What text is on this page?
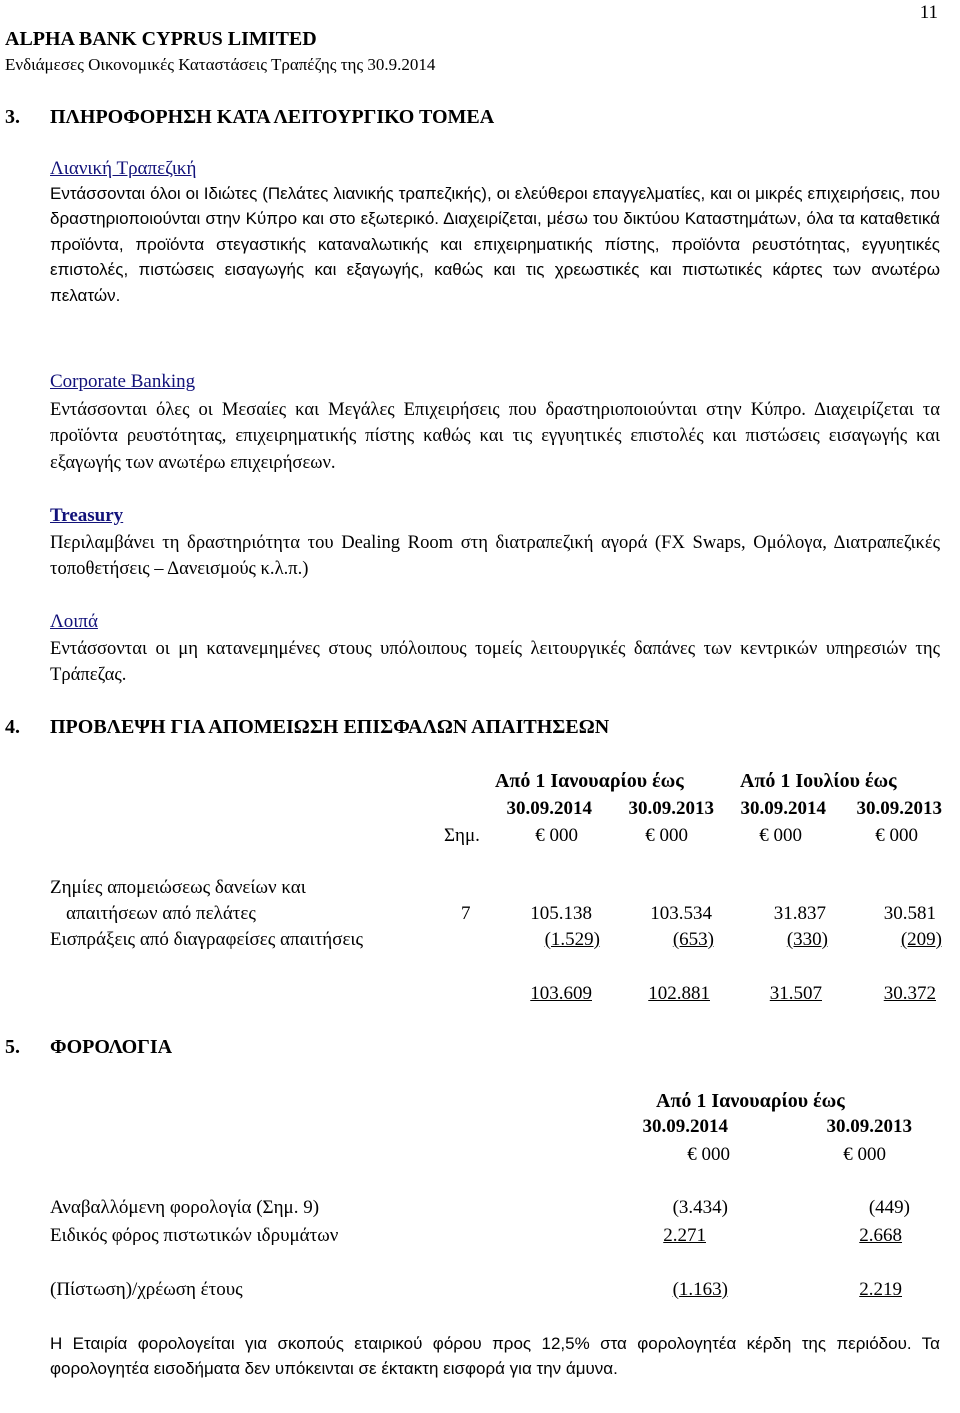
11
ALPHA BANK CYPRUS LIMITED
Ενδιάμεσες Οικονομικές Καταστάσεις Τραπέζης της 30.9.2014
3. ΠΛΗΡΟΦΟΡΗΣΗ ΚΑΤΑ ΛΕΙΤΟΥΡΓΙΚΟ ΤΟΜΕΑ
Λιανική Τραπεζική
Εντάσσονται όλοι οι Ιδιώτες (Πελάτες λιανικής τραπεζικής), οι ελεύθεροι επαγγελματίες, και οι μικρές επιχειρήσεις, που δραστηριοποιούνται στην Κύπρο και στο εξωτερικό. Διαχειρίζεται, μέσω του δικτύου Καταστημάτων, όλα τα καταθετικά προϊόντα, προϊόντα στεγαστικής καταναλωτικής και επιχειρηματικής πίστης, προϊόντα ρευστότητας, εγγυητικές επιστολές, πιστώσεις εισαγωγής και εξαγωγής, καθώς και τις χρεωστικές και πιστωτικές κάρτες των ανωτέρω πελατών.
Corporate Banking
Εντάσσονται όλες οι Μεσαίες και Μεγάλες Επιχειρήσεις που δραστηριοποιούνται στην Κύπρο. Διαχειρίζεται τα προϊόντα ρευστότητας, επιχειρηματικής πίστης καθώς και τις εγγυητικές επιστολές και πιστώσεις εισαγωγής και εξαγωγής των ανωτέρω επιχειρήσεων.
Treasury
Περιλαμβάνει τη δραστηριότητα του Dealing Room στη διατραπεζική αγορά (FX Swaps, Ομόλογα, Διατραπεζικές τοποθετήσεις – Δανεισμούς κ.λ.π.)
Λοιπά
Εντάσσονται οι μη κατανεμημένες στους υπόλοιπους τομείς λειτουργικές δαπάνες των κεντρικών υπηρεσιών της Τράπεζας.
4. ΠΡΟΒΛΕΨΗ ΓΙΑ ΑΠΟΜΕΙΩΣΗ ΕΠΙΣΦΑΛΩΝ ΑΠΑΙΤΗΣΕΩΝ
Από 1 Ιανουαρίου έως	Από 1 Ιουλίου έως
30.09.2014	30.09.2013	30.09.2014	30.09.2013
Σημ.	€ 000	€ 000	€ 000	€ 000
Ζημίες απομειώσεως δανείων και
απαιτήσεων από πελάτες	7	105.138	103.534	31.837	30.581
Εισπράξεις από διαγραφείσες απαιτήσεις	(1.529)	(653)	(330)	(209)
103.609	102.881	31.507	30.372
5. ΦΟΡΟΛΟΓΙΑ
Από 1 Ιανουαρίου έως
30.09.2014	30.09.2013
€ 000	€ 000
Αναβαλλόμενη φορολογία (Σημ. 9)	(3.434)	(449)
Ειδικός φόρος πιστωτικών ιδρυμάτων	2.271	2.668
(Πίστωση)/χρέωση έτους	(1.163)	2.219
Η Εταιρία φορολογείται για σκοπούς εταιρικού φόρου προς 12,5% στα φορολογητέα κέρδη της περιόδου. Τα φορολογητέα εισοδήματα δεν υπόκεινται σε έκτακτη εισφορά για την άμυνα.
